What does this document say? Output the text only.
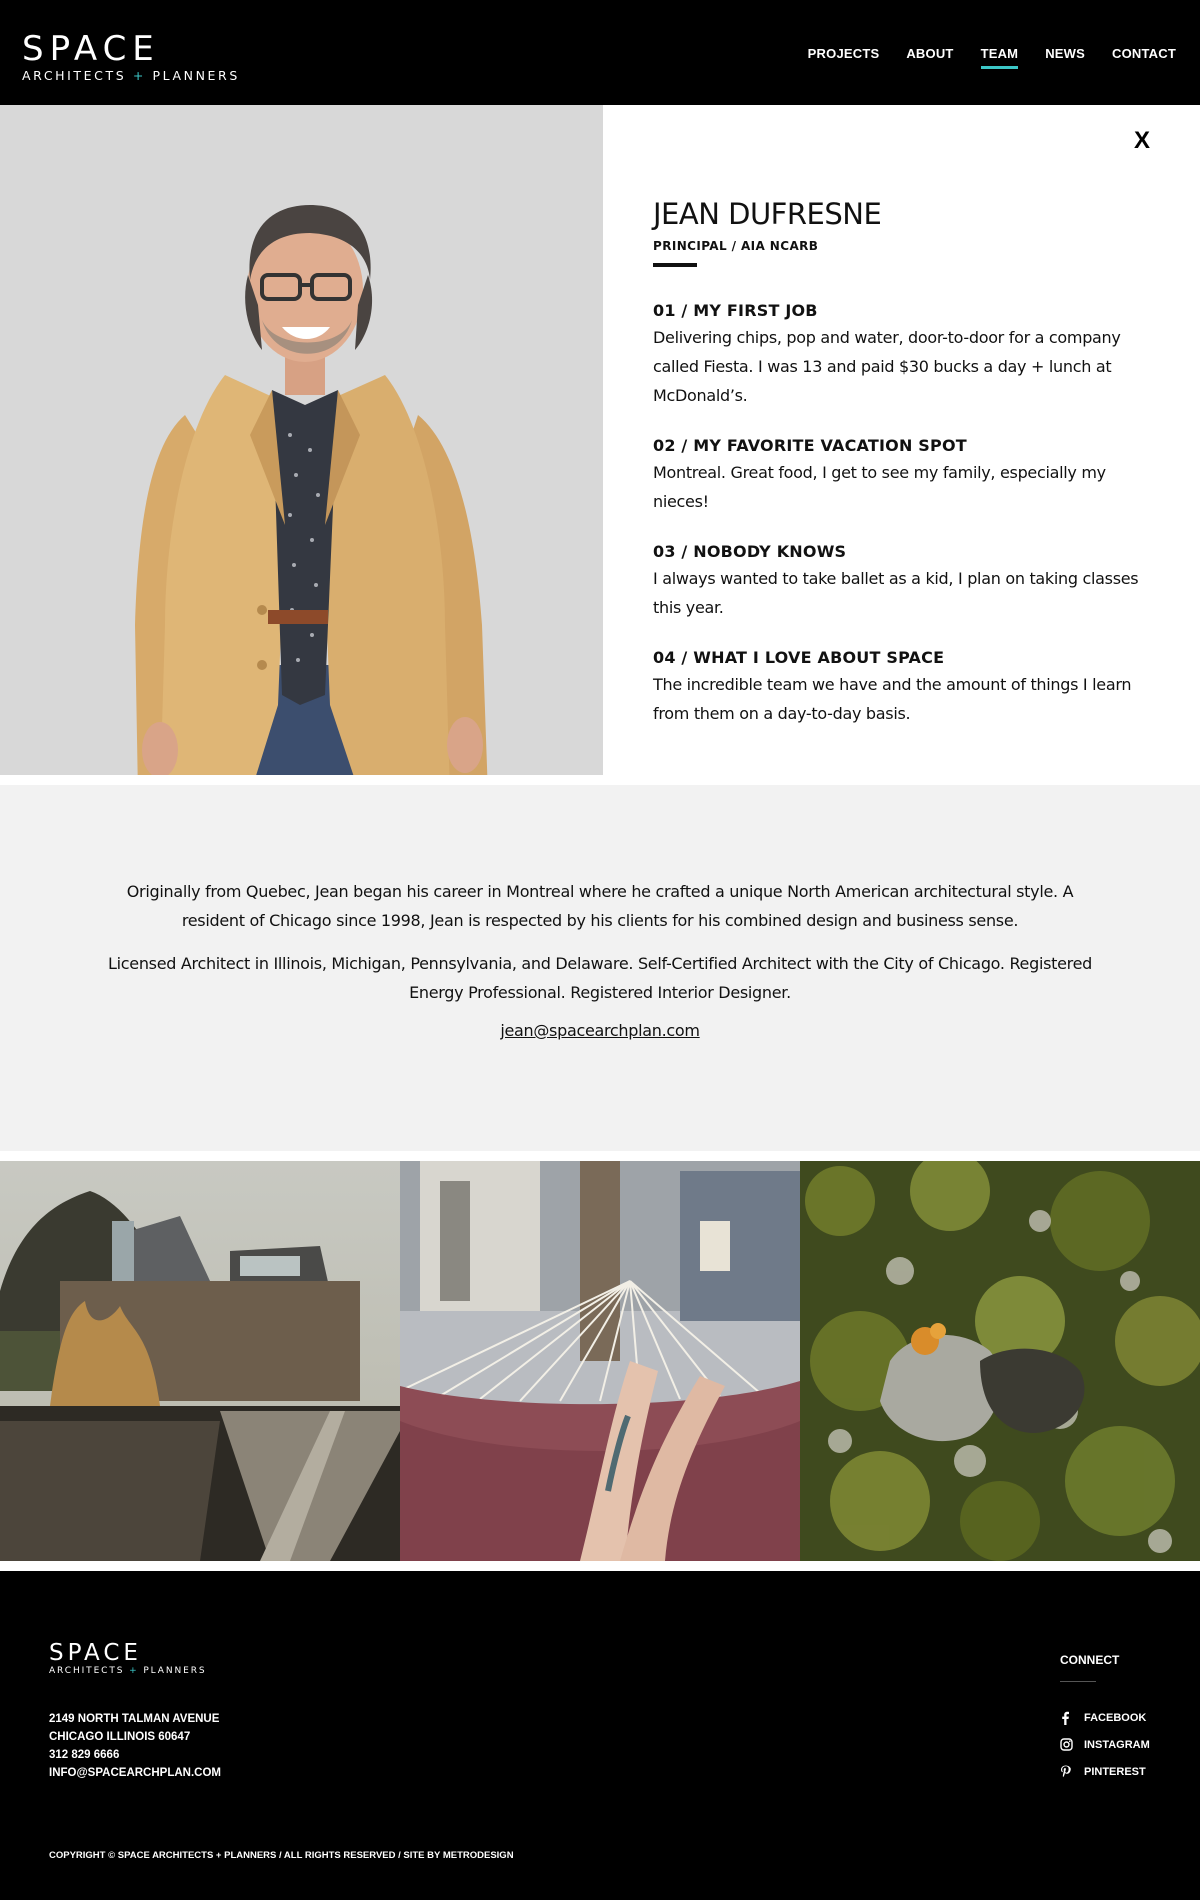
SPACE
ARCHITECTS + PLANNERS
PROJECTS ABOUT TEAM NEWS CONTACT
X
JEAN DUFRESNE
PRINCIPAL / AIA NCARB
01 / MY FIRST JOB
Delivering chips, pop and water, door-to-door for a company called Fiesta. I was 13 and paid $30 bucks a day + lunch at McDonald’s.
02 / MY FAVORITE VACATION SPOT
Montreal. Great food, I get to see my family, especially my nieces!
03 / NOBODY KNOWS
I always wanted to take ballet as a kid, I plan on taking classes this year.
04 / WHAT I LOVE ABOUT SPACE
The incredible team we have and the amount of things I learn from them on a day-to-day basis.

Originally from Quebec, Jean began his career in Montreal where he crafted a unique North American architectural style. A resident of Chicago since 1998, Jean is respected by his clients for his combined design and business sense.

Licensed Architect in Illinois, Michigan, Pennsylvania, and Delaware. Self-Certified Architect with the City of Chicago. Registered Energy Professional. Registered Interior Designer.

jean@spacearchplan.com
SPACE
ARCHITECTS + PLANNERS
2149 NORTH TALMAN AVENUE
CHICAGO ILLINOIS 60647
312 829 6666
INFO@SPACEARCHPLAN.COM
COPYRIGHT © SPACE ARCHITECTS + PLANNERS / ALL RIGHTS RESERVED / SITE BY METRODESIGN
CONNECT
FACEBOOK
INSTAGRAM
PINTEREST
